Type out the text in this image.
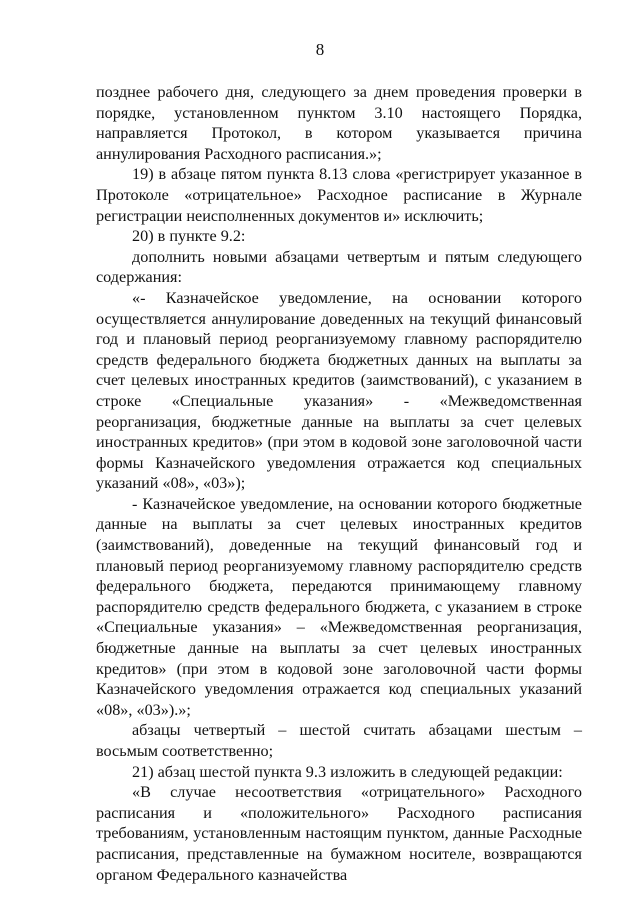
8

позднее рабочего дня, следующего за днем проведения проверки в порядке, установленном пунктом 3.10 настоящего Порядка, направляется Протокол, в котором указывается причина аннулирования Расходного расписания.»;

19) в абзаце пятом пункта 8.13 слова «регистрирует указанное в Протоколе «отрицательное» Расходное расписание в Журнале регистрации неисполненных документов и» исключить;

20) в пункте 9.2:

дополнить новыми абзацами четвертым и пятым следующего содержания:

«- Казначейское уведомление, на основании которого осуществляется аннулирование доведенных на текущий финансовый год и плановый период реорганизуемому главному распорядителю средств федерального бюджета бюджетных данных на выплаты за счет целевых иностранных кредитов (заимствований), с указанием в строке «Специальные указания» - «Межведомственная реорганизация, бюджетные данные на выплаты за счет целевых иностранных кредитов» (при этом в кодовой зоне заголовочной части формы Казначейского уведомления отражается код специальных указаний «08», «03»);

- Казначейское уведомление, на основании которого бюджетные данные на выплаты за счет целевых иностранных кредитов (заимствований), доведенные на текущий финансовый год и плановый период реорганизуемому главному распорядителю средств федерального бюджета, передаются принимающему главному распорядителю средств федерального бюджета, с указанием в строке «Специальные указания» – «Межведомственная реорганизация, бюджетные данные на выплаты за счет целевых иностранных кредитов» (при этом в кодовой зоне заголовочной части формы Казначейского уведомления отражается код специальных указаний «08», «03»).»;

абзацы четвертый – шестой считать абзацами шестым – восьмым соответственно;

21) абзац шестой пункта 9.3 изложить в следующей редакции:

«В случае несоответствия «отрицательного» Расходного расписания и «положительного» Расходного расписания требованиям, установленным настоящим пунктом, данные Расходные расписания, представленные на бумажном носителе, возвращаются органом Федерального казначейства
